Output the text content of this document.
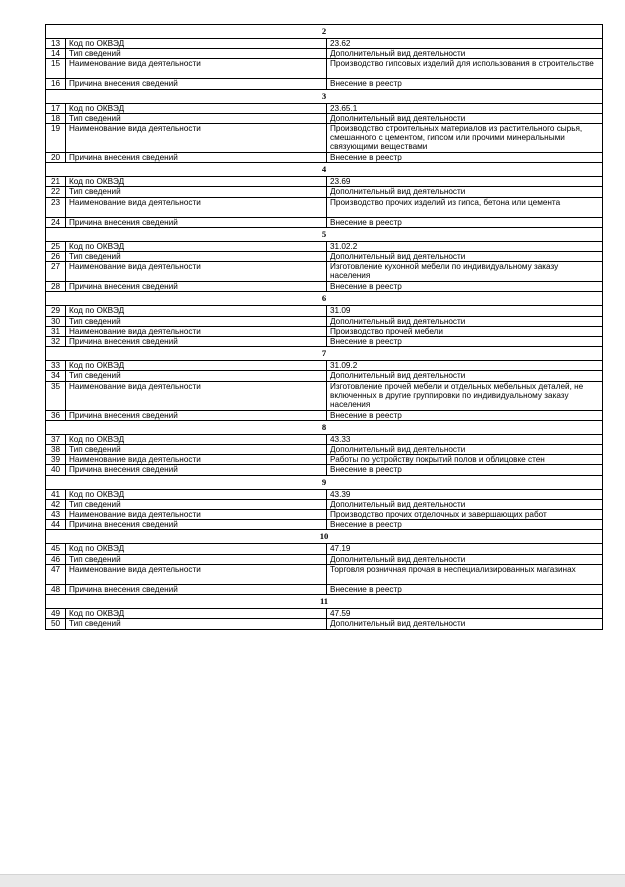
2		
13	Код по ОКВЭД	23.62
14	Тип сведений	Дополнительный вид деятельности
15	Наименование вида деятельности	Производство гипсовых изделий для использования в строительстве
16	Причина внесения сведений	Внесение в реестр
3		
17	Код по ОКВЭД	23.65.1
18	Тип сведений	Дополнительный вид деятельности
19	Наименование вида деятельности	Производство строительных материалов из растительного сырья, смешанного с цементом, гипсом или прочими минеральными связующими веществами
20	Причина внесения сведений	Внесение в реестр
4		
21	Код по ОКВЭД	23.69
22	Тип сведений	Дополнительный вид деятельности
23	Наименование вида деятельности	Производство прочих изделий из гипса, бетона или цемента
24	Причина внесения сведений	Внесение в реестр
5		
25	Код по ОКВЭД	31.02.2
26	Тип сведений	Дополнительный вид деятельности
27	Наименование вида деятельности	Изготовление кухонной мебели по индивидуальному заказу населения
28	Причина внесения сведений	Внесение в реестр
6		
29	Код по ОКВЭД	31.09
30	Тип сведений	Дополнительный вид деятельности
31	Наименование вида деятельности	Производство прочей мебели
32	Причина внесения сведений	Внесение в реестр
7		
33	Код по ОКВЭД	31.09.2
34	Тип сведений	Дополнительный вид деятельности
35	Наименование вида деятельности	Изготовление прочей мебели и отдельных мебельных деталей, не включенных в другие группировки по индивидуальному заказу населения
36	Причина внесения сведений	Внесение в реестр
8		
37	Код по ОКВЭД	43.33
38	Тип сведений	Дополнительный вид деятельности
39	Наименование вида деятельности	Работы по устройству покрытий полов и облицовке стен
40	Причина внесения сведений	Внесение в реестр
9		
41	Код по ОКВЭД	43.39
42	Тип сведений	Дополнительный вид деятельности
43	Наименование вида деятельности	Производство прочих отделочных и завершающих работ
44	Причина внесения сведений	Внесение в реестр
10		
45	Код по ОКВЭД	47.19
46	Тип сведений	Дополнительный вид деятельности
47	Наименование вида деятельности	Торговля розничная прочая в неспециализированных магазинах
48	Причина внесения сведений	Внесение в реестр
11		
49	Код по ОКВЭД	47.59
50	Тип сведений	Дополнительный вид деятельности
